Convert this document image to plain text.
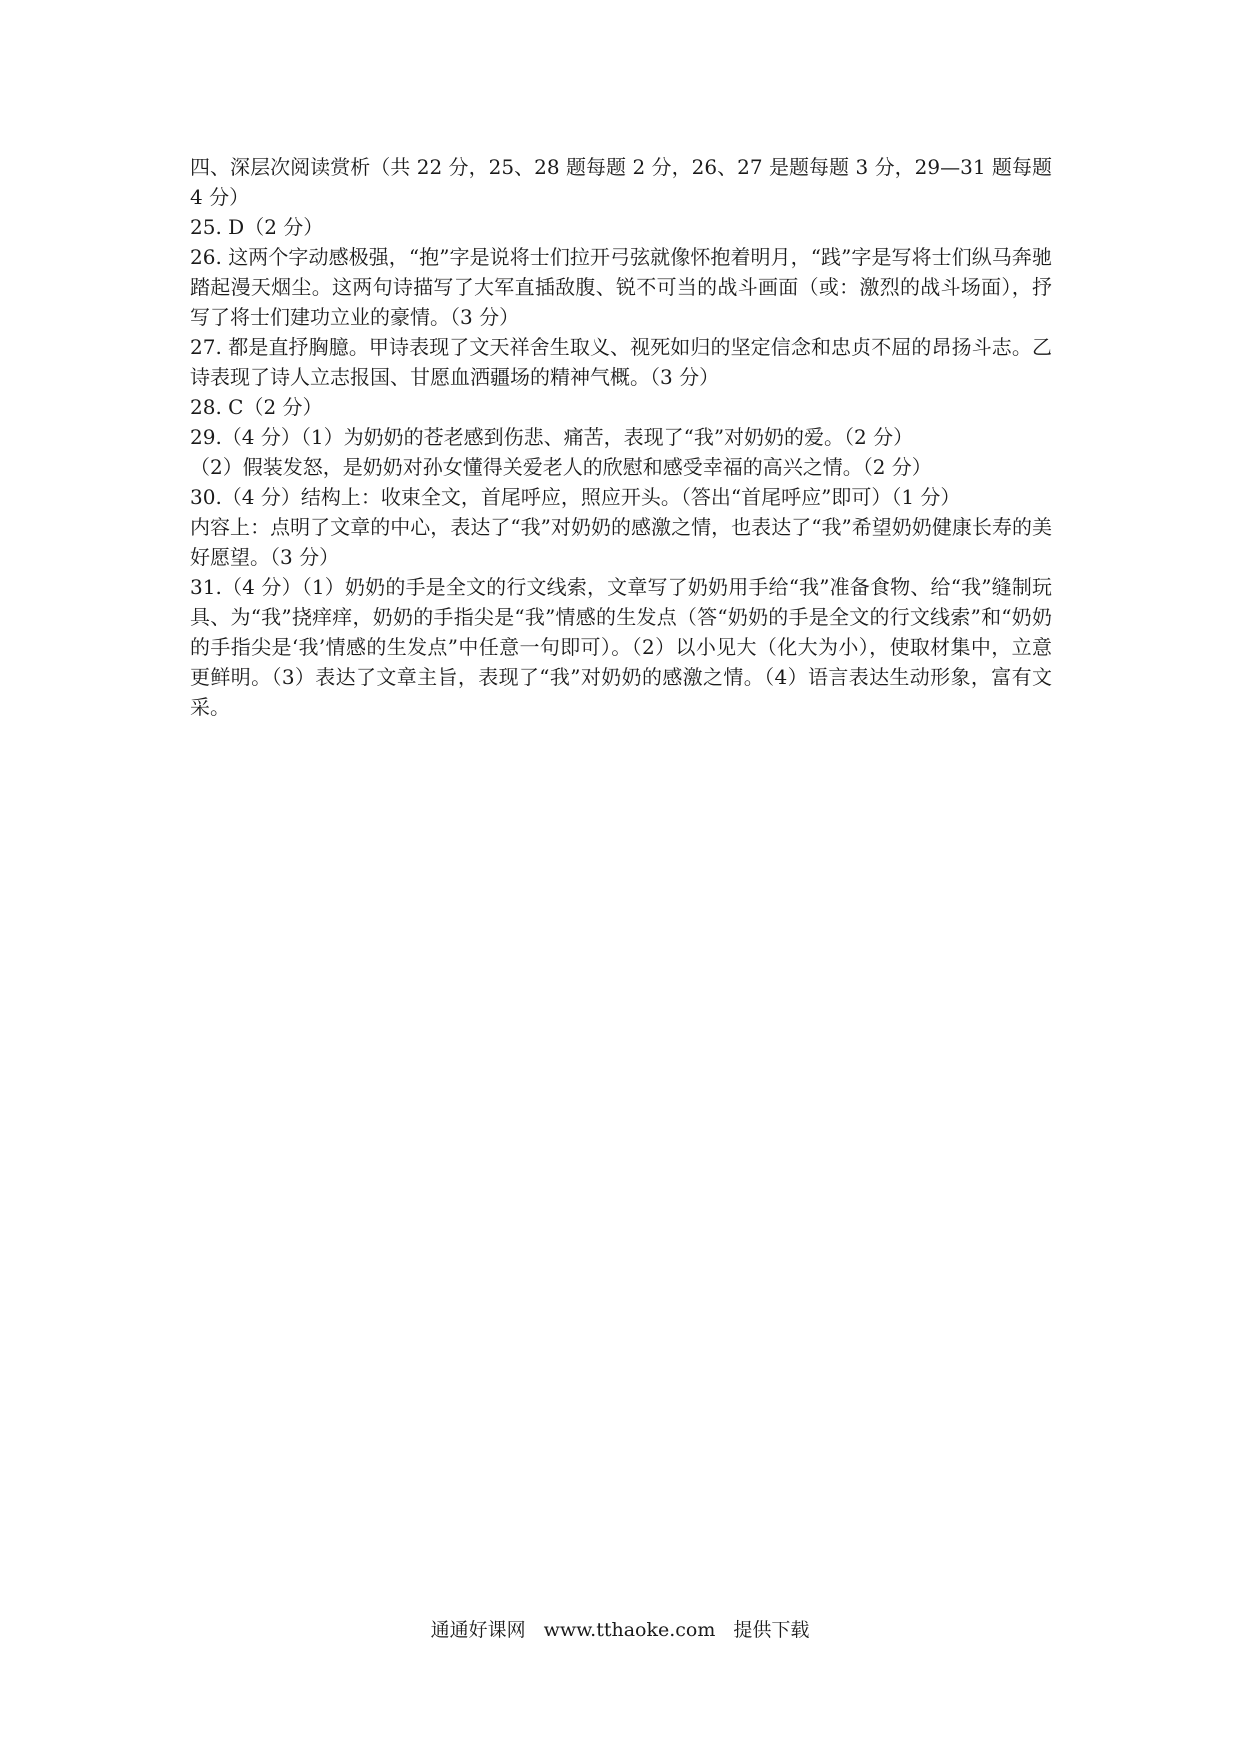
四、深层次阅读赏析（共 22 分，25、28 题每题 2 分，26、27 是题每题 3 分，29—31 题每题 4 分）

25. D（2 分）

26. 这两个字动感极强，“抱”字是说将士们拉开弓弦就像怀抱着明月，“践”字是写将士们纵马奔驰踏起漫天烟尘。这两句诗描写了大军直插敌腹、锐不可当的战斗画面（或：激烈的战斗场面），抒写了将士们建功立业的豪情。（3 分）

27. 都是直抒胸臆。甲诗表现了文天祥舍生取义、视死如归的坚定信念和忠贞不屈的昂扬斗志。乙诗表现了诗人立志报国、甘愿血洒疆场的精神气概。（3 分）

28. C（2 分）

29.（4 分）（1）为奶奶的苍老感到伤悲、痛苦，表现了“我”对奶奶的爱。（2 分）

（2）假装发怒，是奶奶对孙女懂得关爱老人的欣慰和感受幸福的高兴之情。（2 分）

30.（4 分）结构上：收束全文，首尾呼应，照应开头。（答出“首尾呼应”即可）（1 分）

内容上：点明了文章的中心，表达了“我”对奶奶的感激之情，也表达了“我”希望奶奶健康长寿的美好愿望。（3 分）

31.（4 分）（1）奶奶的手是全文的行文线索，文章写了奶奶用手给“我”准备食物、给“我”缝制玩具、为“我”挠痒痒，奶奶的手指尖是“我”情感的生发点（答“奶奶的手是全文的行文线索”和“奶奶的手指尖是‘我’情感的生发点”中任意一句即可）。（2）以小见大（化大为小），使取材集中，立意更鲜明。（3）表达了文章主旨，表现了“我”对奶奶的感激之情。（4）语言表达生动形象，富有文采。

通通好课网 www.tthaoke.com 提供下载
